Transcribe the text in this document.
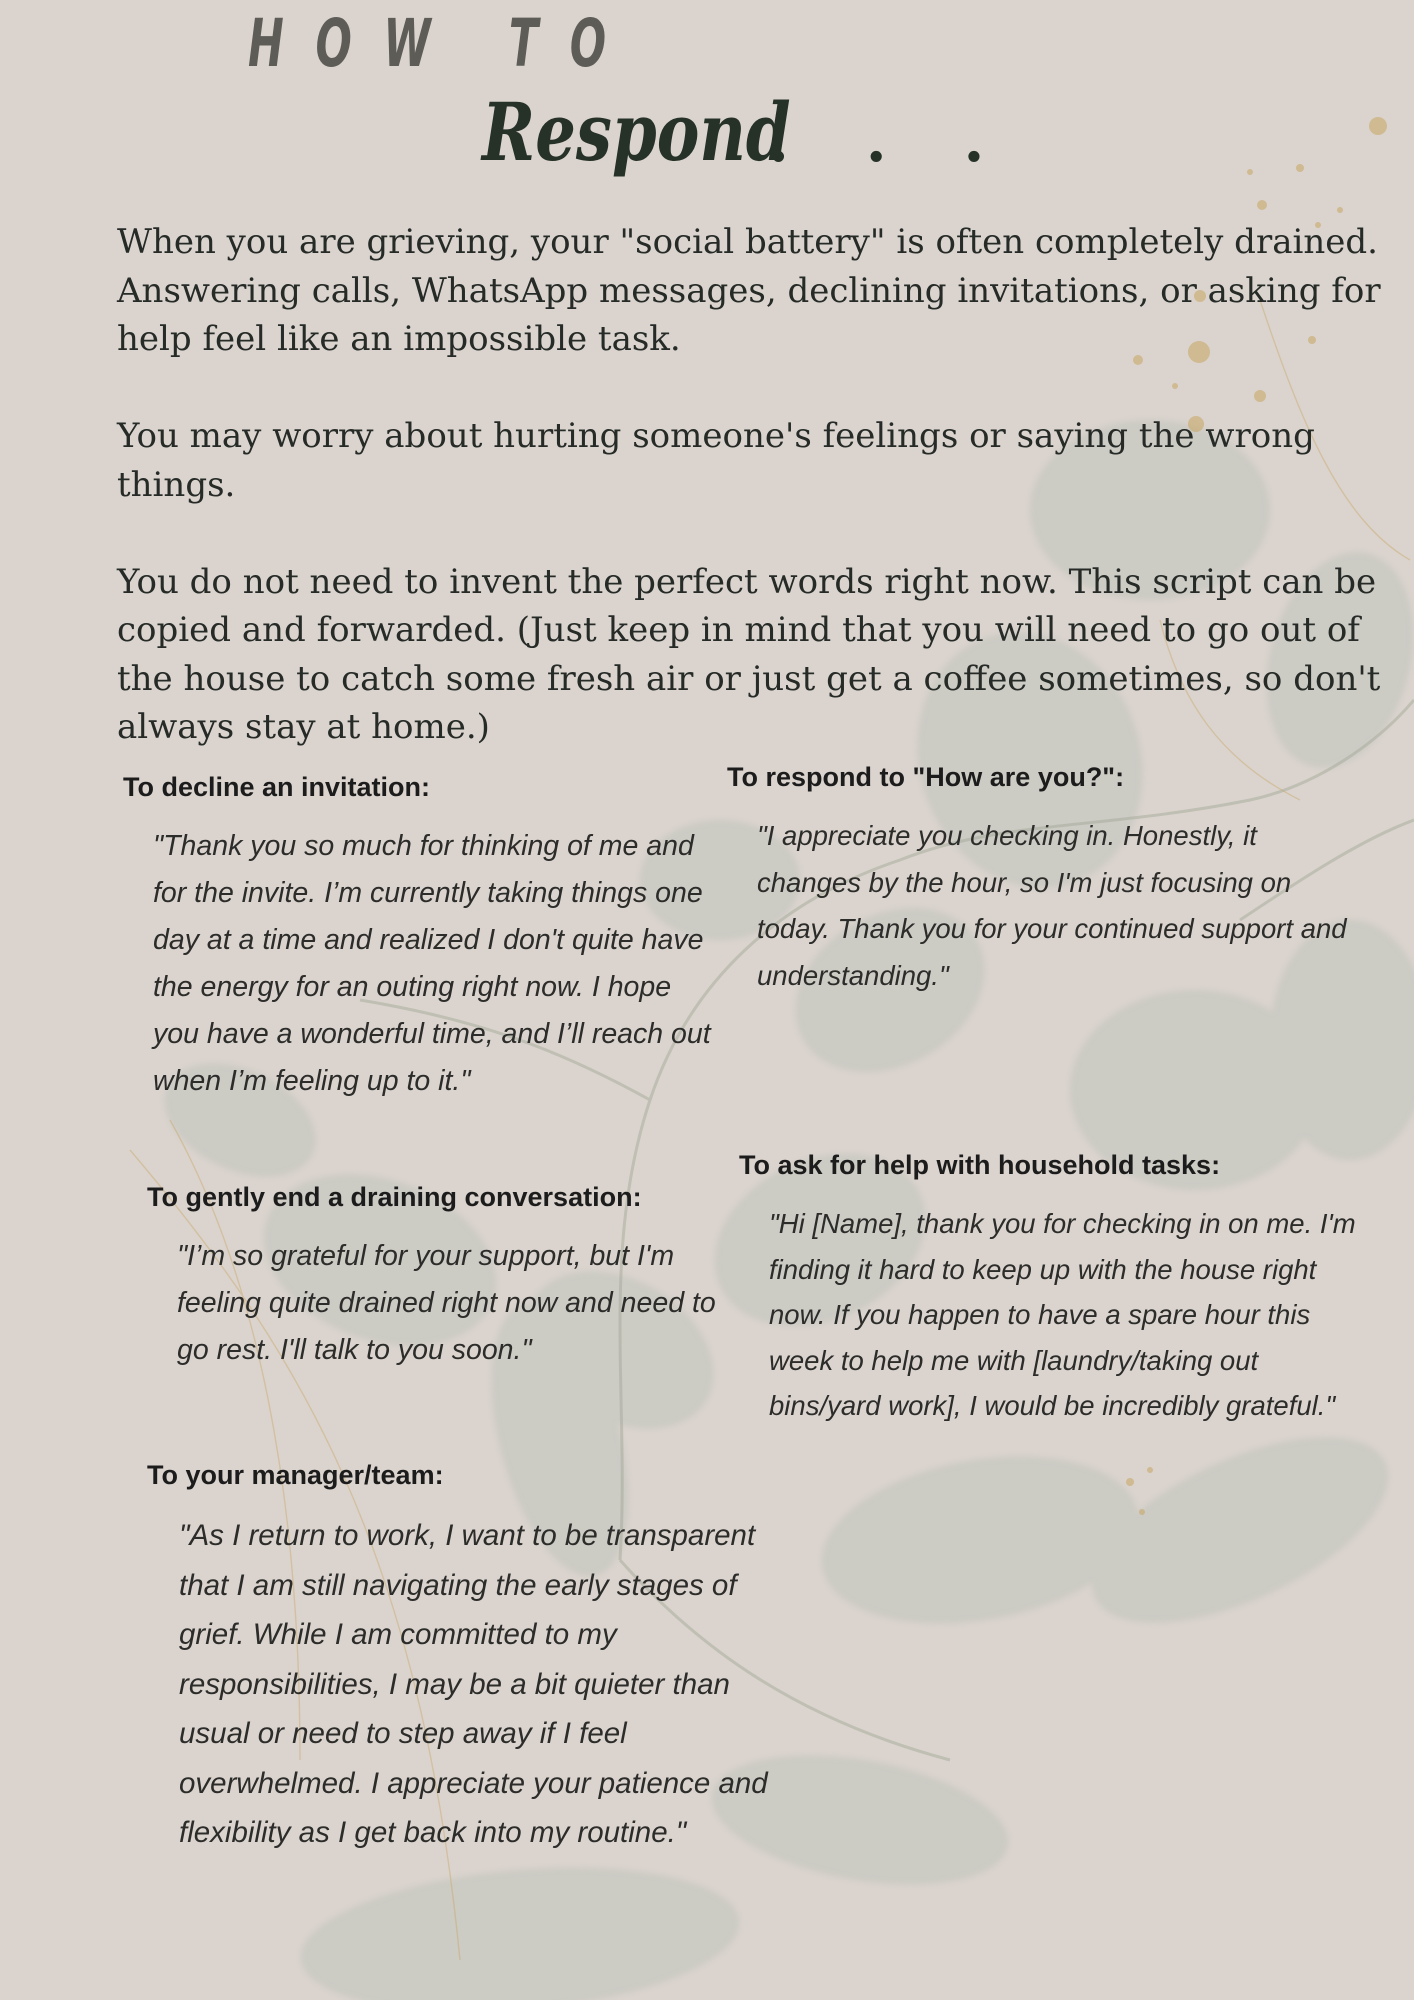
HOW TO
Respond
. . .

When you are grieving, your "social battery" is often completely drained. Answering calls, WhatsApp messages, declining invitations, or asking for help feel like an impossible task.

You may worry about hurting someone's feelings or saying the wrong things.

You do not need to invent the perfect words right now. This script can be copied and forwarded. (Just keep in mind that you will need to go out of the house to catch some fresh air or just get a coffee sometimes, so don't always stay at home.)

To decline an invitation:

"Thank you so much for thinking of me and for the invite. I’m currently taking things one day at a time and realized I don't quite have the energy for an outing right now. I hope you have a wonderful time, and I’ll reach out when I’m feeling up to it."

To respond to "How are you?":

"I appreciate you checking in. Honestly, it changes by the hour, so I'm just focusing on today. Thank you for your continued support and understanding."

To gently end a draining conversation:

"I’m so grateful for your support, but I'm feeling quite drained right now and need to go rest. I'll talk to you soon."

To ask for help with household tasks:

"Hi [Name], thank you for checking in on me. I'm finding it hard to keep up with the house right now. If you happen to have a spare hour this week to help me with [laundry/taking out bins/yard work], I would be incredibly grateful."

To your manager/team:

"As I return to work, I want to be transparent that I am still navigating the early stages of grief. While I am committed to my responsibilities, I may be a bit quieter than usual or need to step away if I feel overwhelmed. I appreciate your patience and flexibility as I get back into my routine."
